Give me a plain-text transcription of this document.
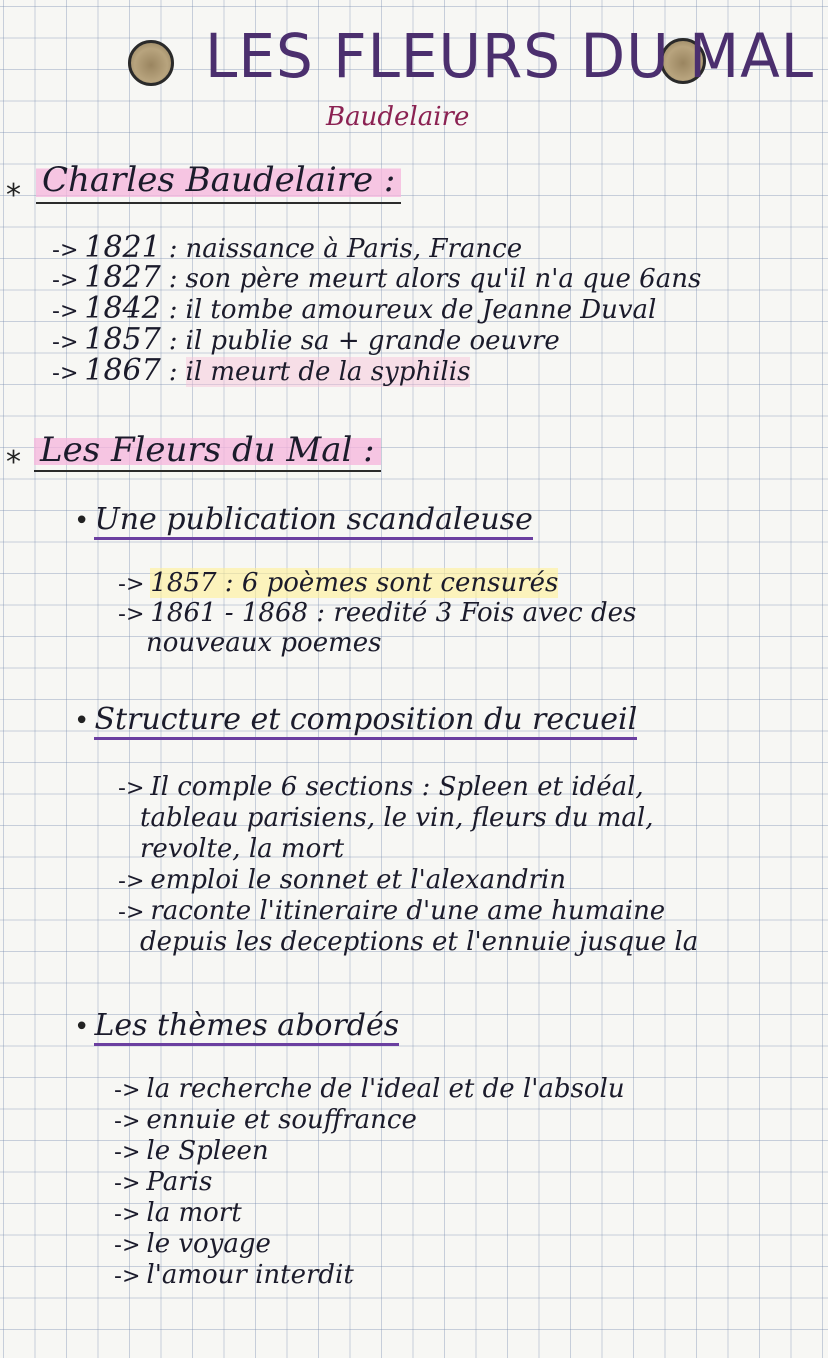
LES FLEURS DU MAL
Baudelaire
* Charles Baudelaire :
-> 1821 : naissance à Paris, France
-> 1827 : son père meurt alors qu'il n'a que 6ans
-> 1842 : il tombe amoureux de Jeanne Duval
-> 1857 : il publie sa + grande oeuvre
-> 1867 : il meurt de la syphilis
* Les Fleurs du Mal :
• Une publication scandaleuse
-> 1857 : 6 poèmes sont censurés
-> 1861 - 1868 : reedité 3 Fois avec des
nouveaux poemes
• Structure et composition du recueil
-> Il comple 6 sections : Spleen et idéal,
tableau parisiens, le vin, fleurs du mal,
revolte, la mort
-> emploi le sonnet et l'alexandrin
-> raconte l'itineraire d'une ame humaine
depuis les deceptions et l'ennuie jusque la
• Les thèmes abordés
-> la recherche de l'ideal et de l'absolu
-> ennuie et souffrance
-> le Spleen
-> Paris
-> la mort
-> le voyage
-> l'amour interdit
